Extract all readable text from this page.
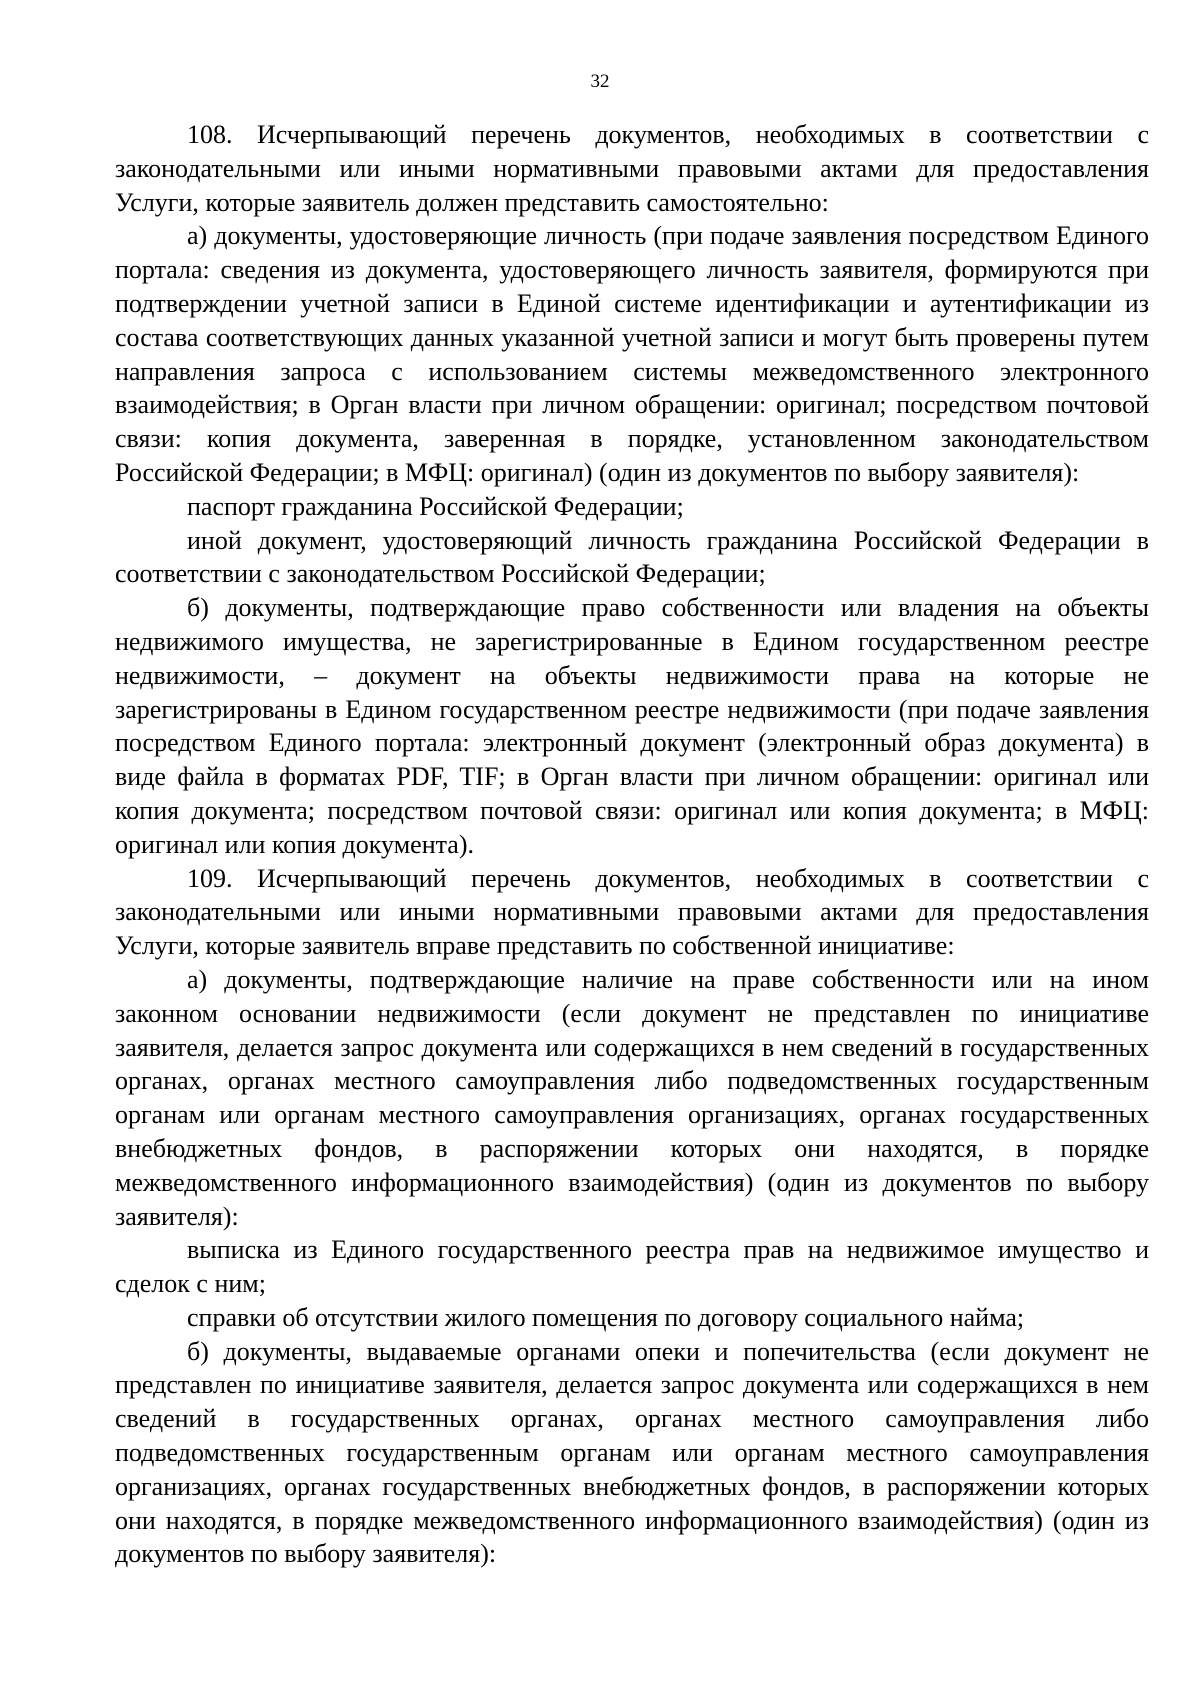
32

108. Исчерпывающий перечень документов, необходимых в соответствии с законодательными или иными нормативными правовыми актами для предоставления Услуги, которые заявитель должен представить самостоятельно:

а) документы, удостоверяющие личность (при подаче заявления посредством Единого портала: сведения из документа, удостоверяющего личность заявителя, формируются при подтверждении учетной записи в Единой системе идентификации и аутентификации из состава соответствующих данных указанной учетной записи и могут быть проверены путем направления запроса с использованием системы межведомственного электронного взаимодействия; в Орган власти при личном обращении: оригинал; посредством почтовой связи: копия документа, заверенная в порядке, установленном законодательством Российской Федерации; в МФЦ: оригинал) (один из документов по выбору заявителя):

паспорт гражданина Российской Федерации;

иной документ, удостоверяющий личность гражданина Российской Федерации в соответствии с законодательством Российской Федерации;

б) документы, подтверждающие право собственности или владения на объекты недвижимого имущества, не зарегистрированные в Едином государственном реестре недвижимости, – документ на объекты недвижимости права на которые не зарегистрированы в Едином государственном реестре недвижимости (при подаче заявления посредством Единого портала: электронный документ (электронный образ документа) в виде файла в форматах PDF, TIF; в Орган власти при личном обращении: оригинал или копия документа; посредством почтовой связи: оригинал или копия документа; в МФЦ: оригинал или копия документа).

109. Исчерпывающий перечень документов, необходимых в соответствии с законодательными или иными нормативными правовыми актами для предоставления Услуги, которые заявитель вправе представить по собственной инициативе:

а) документы, подтверждающие наличие на праве собственности или на ином законном основании недвижимости (если документ не представлен по инициативе заявителя, делается запрос документа или содержащихся в нем сведений в государственных органах, органах местного самоуправления либо подведомственных государственным органам или органам местного самоуправления организациях, органах государственных внебюджетных фондов, в распоряжении которых они находятся, в порядке межведомственного информационного взаимодействия) (один из документов по выбору заявителя):

выписка из Единого государственного реестра прав на недвижимое имущество и сделок с ним;

справки об отсутствии жилого помещения по договору социального найма;

б) документы, выдаваемые органами опеки и попечительства (если документ не представлен по инициативе заявителя, делается запрос документа или содержащихся в нем сведений в государственных органах, органах местного самоуправления либо подведомственных государственным органам или органам местного самоуправления организациях, органах государственных внебюджетных фондов, в распоряжении которых они находятся, в порядке межведомственного информационного взаимодействия) (один из документов по выбору заявителя):
